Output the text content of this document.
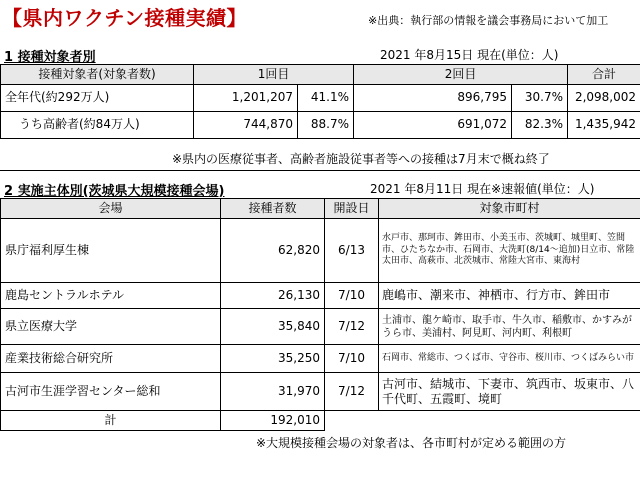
【県内ワクチン接種実績】	※出典：執行部の情報を議会事務局において加工
1 接種対象者別	2021 年8月15日 現在(単位：人)
接種対象者(対象者数)	1回目		2回目		合計
全年代(約292万人)	1,201,207	41.1%	896,795	30.7%	2,098,002
うち高齢者(約84万人)	744,870	88.7%	691,072	82.3%	1,435,942
※県内の医療従事者、高齢者施設従事者等への接種は7月末で概ね終了
2 実施主体別(茨城県大規模接種会場)	2021 年8月11日 現在※速報値(単位：人)
会場	接種者数	開設日	対象市町村
県庁福利厚生棟	62,820	6/13	水戸市、那珂市、鉾田市、小美玉市、茨城町、城里町、笠間市、ひたちなか市、石岡市、大洗町(8/14～追加)日立市、常陸太田市、高萩市、北茨城市、常陸大宮市、東海村
鹿島セントラルホテル	26,130	7/10	鹿嶋市、潮来市、神栖市、行方市、鉾田市
県立医療大学	35,840	7/12	土浦市、龍ケ崎市、取手市、牛久市、稲敷市、かすみがうら市、美浦村、阿見町、河内町、利根町
産業技術総合研究所	35,250	7/10	石岡市、常総市、つくば市、守谷市、桜川市、つくばみらい市
古河市生涯学習センター総和	31,970	7/12	古河市、結城市、下妻市、筑西市、坂東市、八千代町、五霞町、境町
計	192,010		
※大規模接種会場の対象者は、各市町村が定める範囲の方
